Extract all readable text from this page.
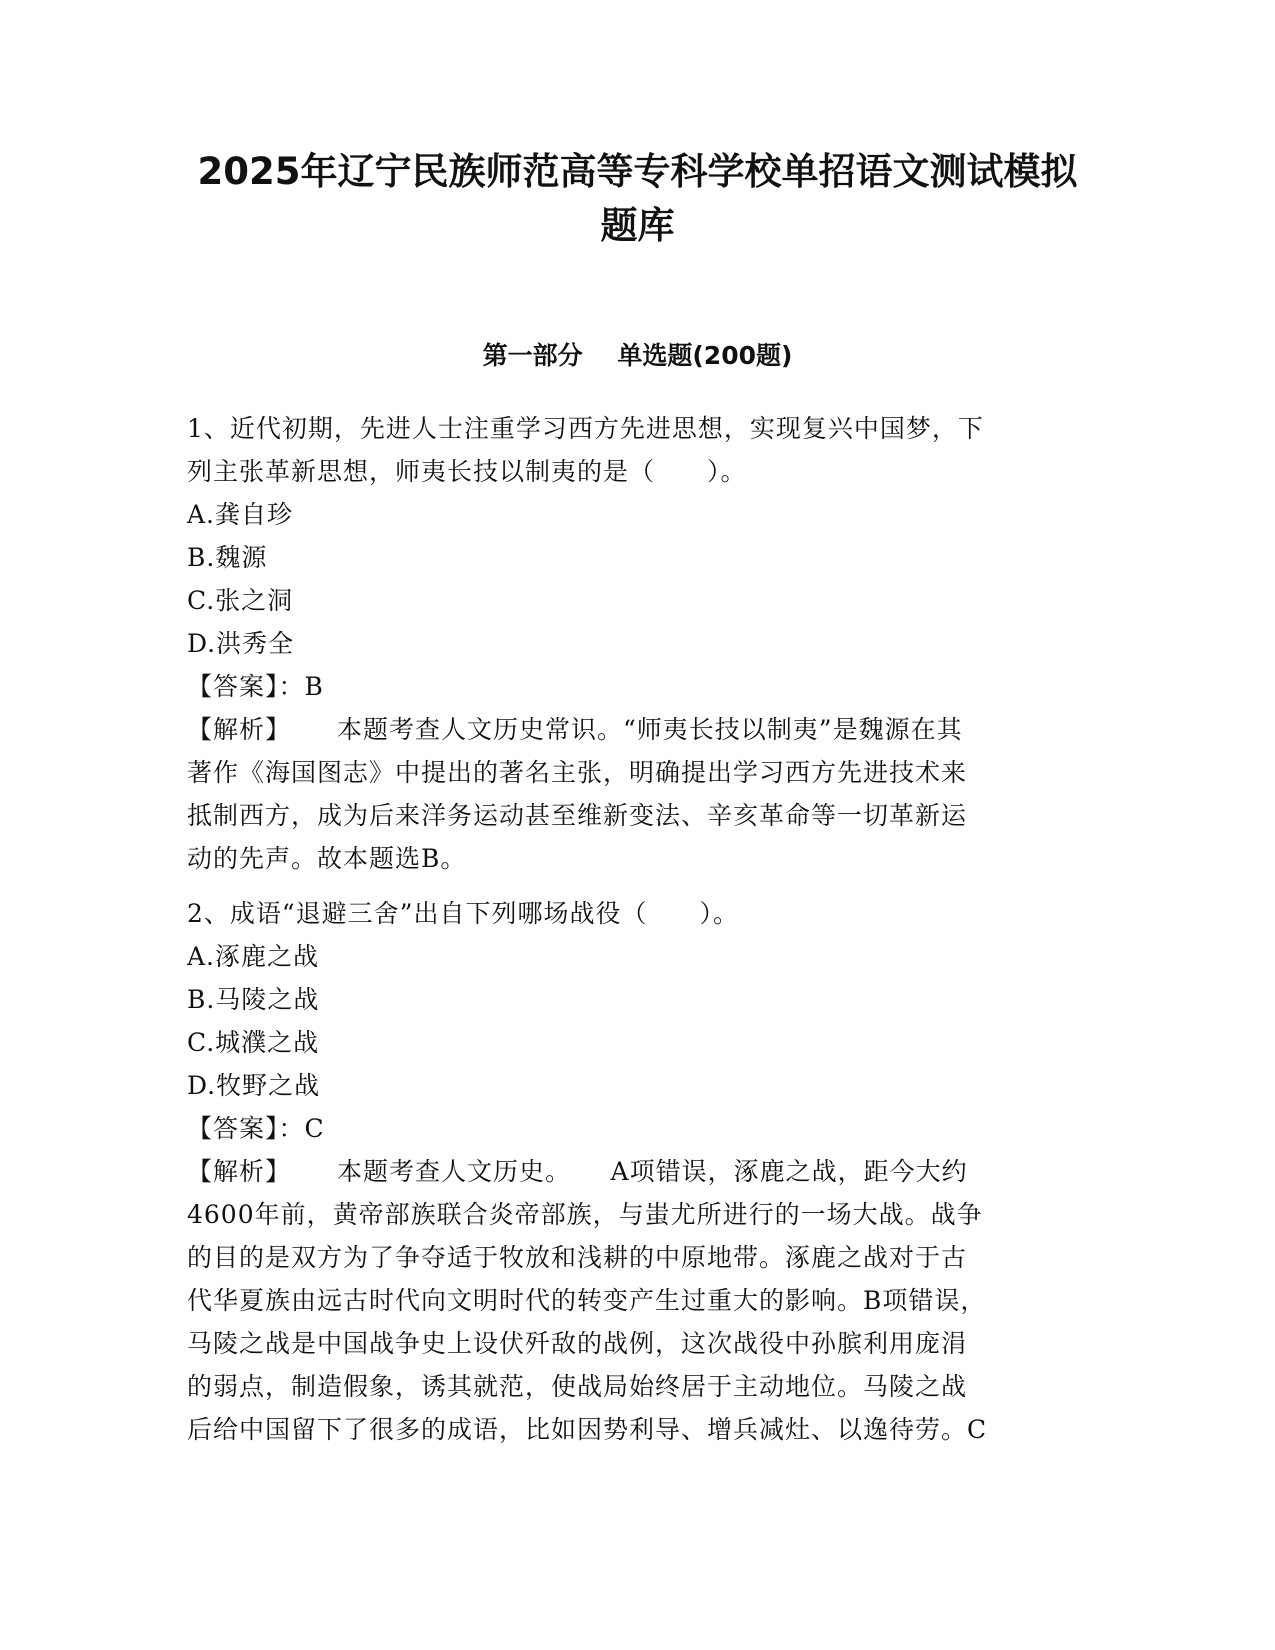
2025年辽宁民族师范高等专科学校单招语文测试模拟
题库
第一部分    单选题(200题)

1、近代初期，先进人士注重学习西方先进思想，实现复兴中国梦，下

列主张革新思想，师夷长技以制夷的是（　　）。

A.龚自珍

B.魏源

C.张之洞

D.洪秀全

【答案】：B

【解析】 本题考查人文历史常识。“师夷长技以制夷”是魏源在其

著作《海国图志》中提出的著名主张，明确提出学习西方先进技术来

抵制西方，成为后来洋务运动甚至维新变法、辛亥革命等一切革新运

动的先声。故本题选B。

2、成语“退避三舍”出自下列哪场战役（　　）。

A.涿鹿之战

B.马陵之战

C.城濮之战

D.牧野之战

【答案】：C

【解析】 本题考查人文历史。　　A项错误，涿鹿之战，距今大约

4600年前，黄帝部族联合炎帝部族，与蚩尤所进行的一场大战。战争

的目的是双方为了争夺适于牧放和浅耕的中原地带。涿鹿之战对于古

代华夏族由远古时代向文明时代的转变产生过重大的影响。B项错误，

马陵之战是中国战争史上设伏歼敌的战例，这次战役中孙膑利用庞涓

的弱点，制造假象，诱其就范，使战局始终居于主动地位。马陵之战

后给中国留下了很多的成语，比如因势利导、增兵减灶、以逸待劳。C
